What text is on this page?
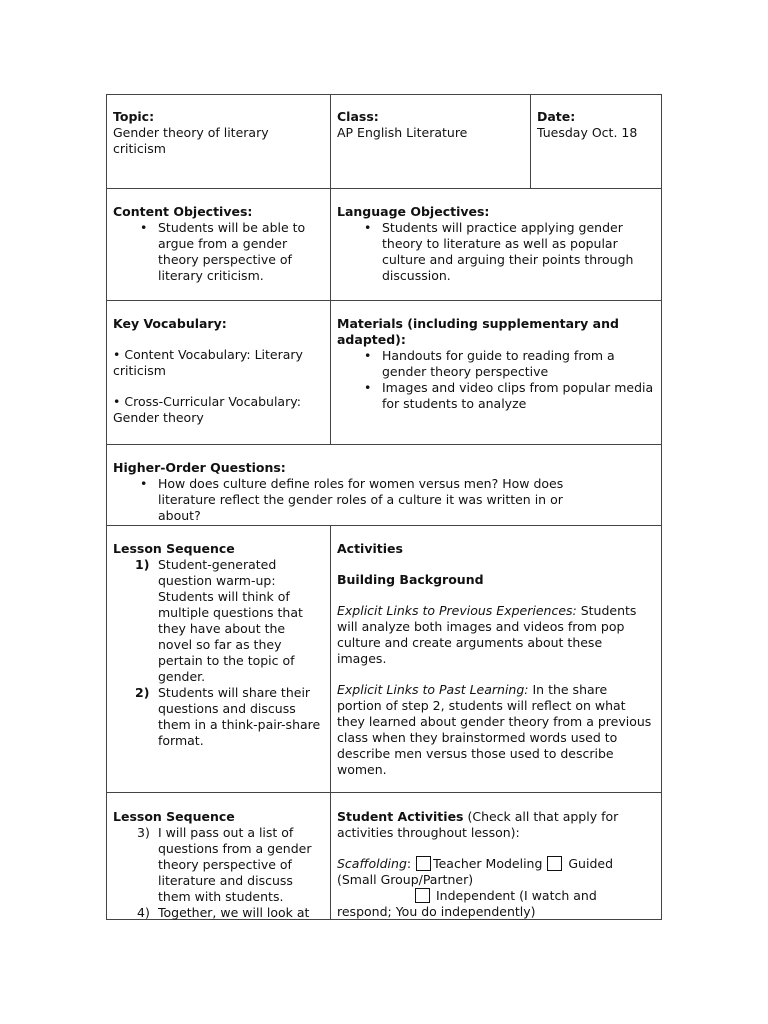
Topic:
Gender theory of literary criticism
Class:
AP English Literature
Date:
Tuesday Oct. 18
Content Objectives:
• Students will be able to argue from a gender theory perspective of literary criticism.
Language Objectives:
• Students will practice applying gender theory to literature as well as popular culture and arguing their points through discussion.
Key Vocabulary:
• Content Vocabulary: Literary criticism
• Cross-Curricular Vocabulary: Gender theory
Materials (including supplementary and adapted):
• Handouts for guide to reading from a gender theory perspective
• Images and video clips from popular media for students to analyze
Higher-Order Questions:
• How does culture define roles for women versus men? How does literature reflect the gender roles of a culture it was written in or about?
Lesson Sequence
1) Student-generated question warm-up: Students will think of multiple questions that they have about the novel so far as they pertain to the topic of gender.
2) Students will share their questions and discuss them in a think-pair-share format.
Activities
Building Background
Explicit Links to Previous Experiences: Students will analyze both images and videos from pop culture and create arguments about these images.
Explicit Links to Past Learning: In the share portion of step 2, students will reflect on what they learned about gender theory from a previous class when they brainstormed words used to describe men versus those used to describe women.
Lesson Sequence
3) I will pass out a list of questions from a gender theory perspective of literature and discuss them with students.
4) Together, we will look at
Student Activities (Check all that apply for activities throughout lesson):
Scaffolding: Teacher Modeling  Guided (Small Group/Partner)
Independent (I watch and respond; You do independently)
